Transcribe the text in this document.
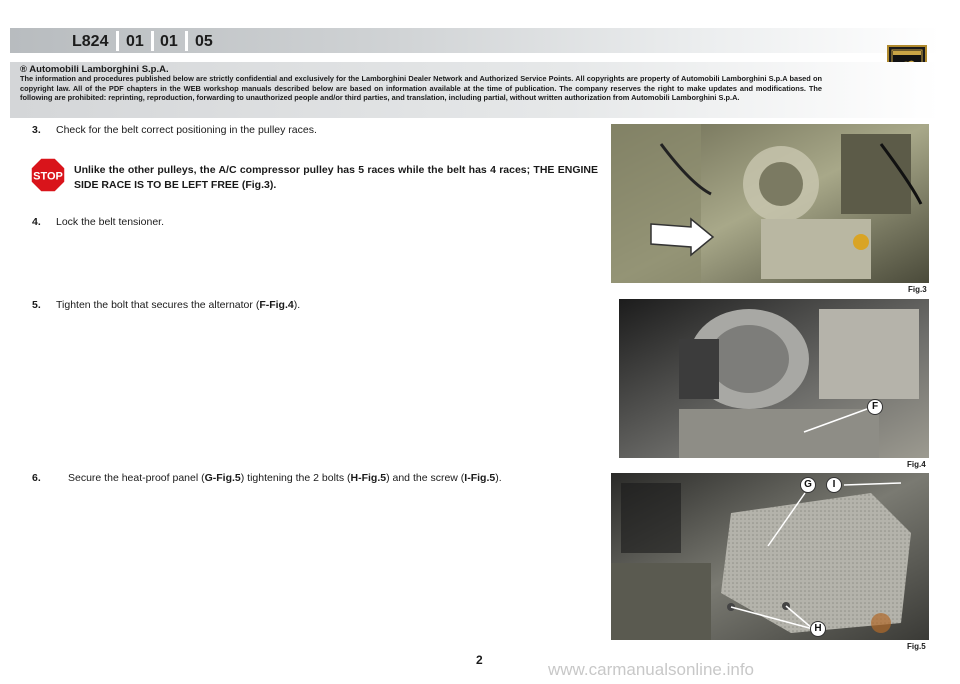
L824 01 01 05
® Automobili Lamborghini S.p.A.
The information and procedures published below are strictly confidential and exclusively for the Lamborghini Dealer Network and Authorized Service Points. All copyrights are property of Automobili Lamborghini S.p.A based on copyright law. All of the PDF chapters in the WEB workshop manuals described below are based on information available at the time of publication. The company reserves the right to make updates and modifications. The following are prohibited: reprinting, reproduction, forwarding to unauthorized people and/or third parties, and translation, including partial, without written authorization from Automobili Lamborghini S.p.A.
3. Check for the belt correct positioning in the pulley races.
STOP
Unlike the other pulleys, the A/C compressor pulley has 5 races while the belt has 4 races; THE ENGINE SIDE RACE IS TO BE LEFT FREE (Fig.3).
4. Lock the belt tensioner.
5. Tighten the bolt that secures the alternator (F-Fig.4).
6.	Secure the heat-proof panel (G-Fig.5) tightening the 2 bolts (H-Fig.5) and the screw (I-Fig.5).
Fig.3
F
Fig.4
G	I
H
Fig.5
2	www.carmanualsonline.info
